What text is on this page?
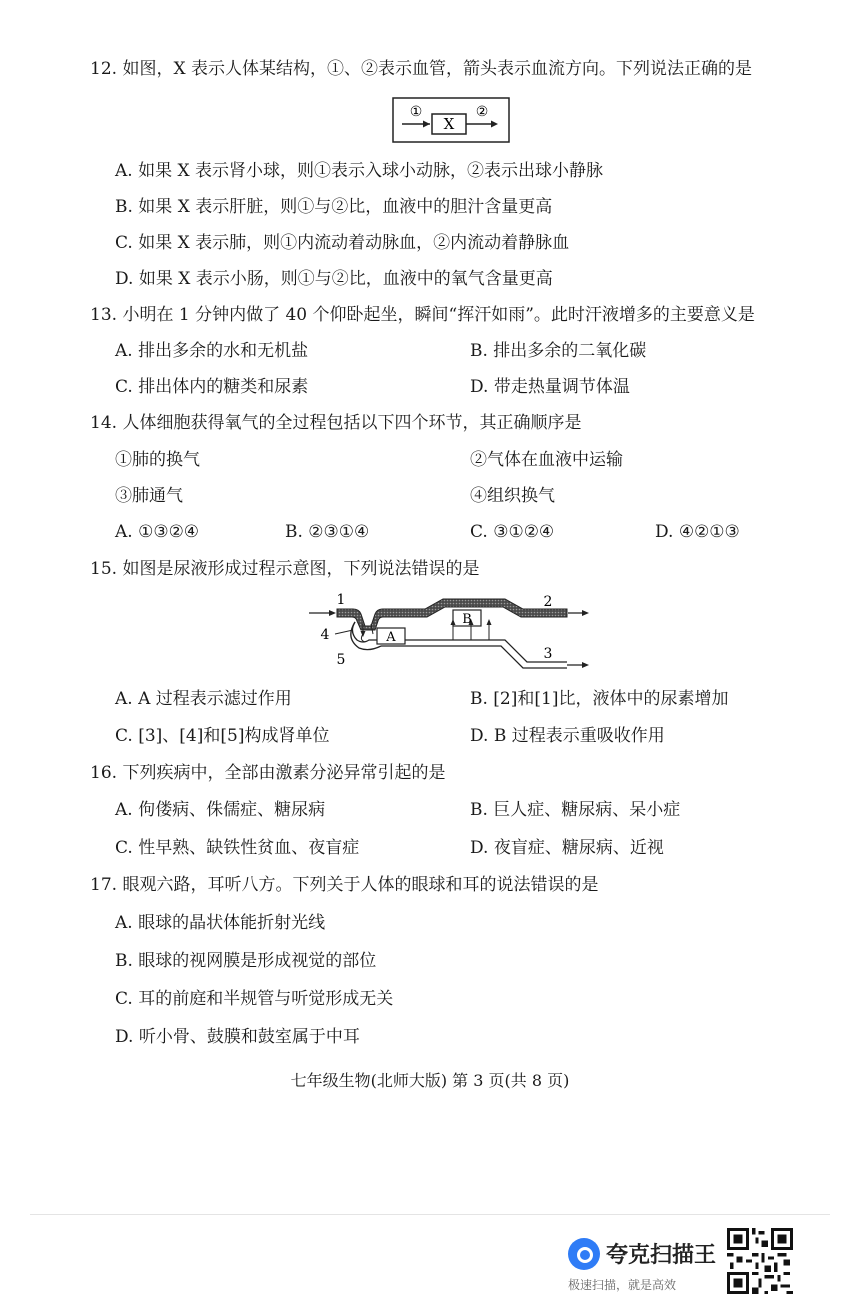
12. 如图，X 表示人体某结构，①、②表示血管，箭头表示血流方向。下列说法正确的是
①
X
②
A. 如果 X 表示肾小球，则①表示入球小动脉，②表示出球小静脉
B. 如果 X 表示肝脏，则①与②比，血液中的胆汁含量更高
C. 如果 X 表示肺，则①内流动着动脉血，②内流动着静脉血
D. 如果 X 表示小肠，则①与②比，血液中的氧气含量更高
13. 小明在 1 分钟内做了 40 个仰卧起坐，瞬间“挥汗如雨”。此时汗液增多的主要意义是
A. 排出多余的水和无机盐	B. 排出多余的二氧化碳
C. 排出体内的糖类和尿素	D. 带走热量调节体温
14. 人体细胞获得氧气的全过程包括以下四个环节，其正确顺序是
①肺的换气	②气体在血液中运输
③肺通气	④组织换气
A. ①③②④	B. ②③①④	C. ③①②④	D. ④②①③
15. 如图是尿液形成过程示意图，下列说法错误的是
1	2
3
4
5
A
B
A. A 过程表示滤过作用	B. [2]和[1]比，液体中的尿素增加
C. [3]、[4]和[5]构成肾单位	D. B 过程表示重吸收作用
16. 下列疾病中，全部由激素分泌异常引起的是
A. 佝偻病、侏儒症、糖尿病	B. 巨人症、糖尿病、呆小症
C. 性早熟、缺铁性贫血、夜盲症	D. 夜盲症、糖尿病、近视
17. 眼观六路，耳听八方。下列关于人体的眼球和耳的说法错误的是
A. 眼球的晶状体能折射光线
B. 眼球的视网膜是形成视觉的部位
C. 耳的前庭和半规管与听觉形成无关
D. 听小骨、鼓膜和鼓室属于中耳
七年级生物(北师大版) 第 3 页(共 8 页)
夸克扫描王
极速扫描，就是高效
